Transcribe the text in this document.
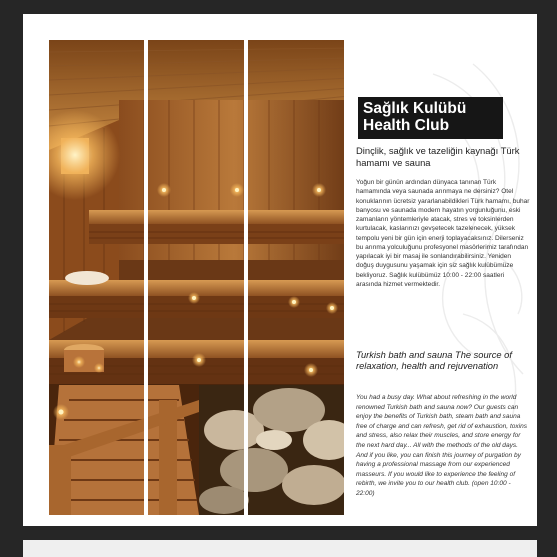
Sağlık Kulübü
Health Club
Dinçlik, sağlık ve tazeliğin kaynağı Türk hamamı ve sauna
Yoğun bir günün ardından dünyaca tanınan Türk hamamında veya saunada arınmaya ne dersiniz? Otel konuklarının ücretsiz yararlanabildikleri Türk hamamı, buhar banyosu ve saunada modern hayatın yorgunluğunu, eski zamanların yöntemleriyle atacak, stres ve toksinlerden kurtulacak, kaslarınızı gevşetecek tazelenecek, yüksek tempolu yeni bir gün için enerji toplayacaksınız. Dilerseniz bu arınma yolculuğunu profesyonel masörlerimiz tarafından yapılacak iyi bir masaj ile sonlandırabilirsiniz. Yeniden doğuş duygusunu yaşamak için siz sağlık kulübümüze bekliyoruz. Sağlık kulübümüz 10:00 - 22:00 saatleri arasında hizmet vermektedir.
Turkish bath and sauna The source of relaxation, health and rejuvenation
You had a busy day. What about refreshing in the world renowned Turkish bath and sauna now? Our guests can enjoy the benefits of Turkish bath, steam bath and sauna free of charge and can refresh, get rid of exhaustion, toxins and stress, also relax their muscles, and store energy for the next hard day... All with the methods of the old days. And if you like, you can finish this journey of purgation by having a professional massage from our experienced masseurs. If you would like to experience the feeling of rebirth, we invite you to our health club. (open 10:00 - 22:00)
